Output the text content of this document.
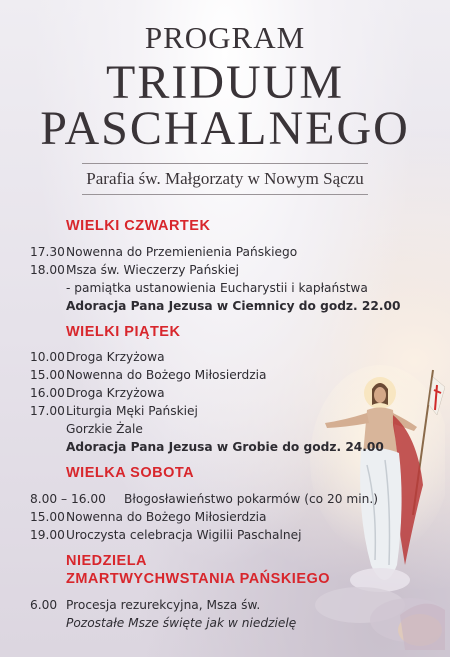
PROGRAM
TRIDUUM
PASCHALNEGO
Parafia św. Małgorzaty w Nowym Sączu
WIELKI CZWARTEK
17.30 Nowenna do Przemienienia Pańskiego
18.00 Msza św. Wieczerzy Pańskiej
- pamiątka ustanowienia Eucharystii i kapłaństwa
Adoracja Pana Jezusa w Ciemnicy do godz. 22.00
WIELKI PIĄTEK
10.00 Droga Krzyżowa
15.00 Nowenna do Bożego Miłosierdzia
16.00 Droga Krzyżowa
17.00 Liturgia Męki Pańskiej
Gorzkie Żale
Adoracja Pana Jezusa w Grobie do godz. 24.00
WIELKA SOBOTA
8.00 – 16.00 Błogosławieństwo pokarmów (co 20 min.)
15.00 Nowenna do Bożego Miłosierdzia
19.00 Uroczysta celebracja Wigilii Paschalnej
NIEDZIELA
ZMARTWYCHWSTANIA PAŃSKIEGO
6.00 Procesja rezurekcyjna, Msza św.
Pozostałe Msze święte jak w niedzielę
